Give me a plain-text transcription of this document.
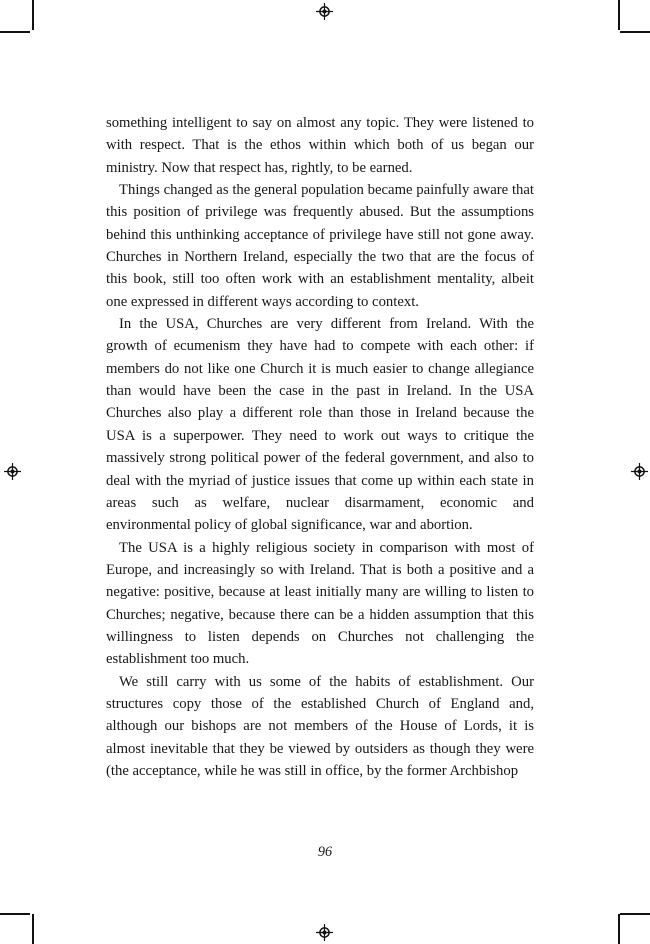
something intelligent to say on almost any topic. They were listened to with respect. That is the ethos within which both of us began our ministry. Now that respect has, rightly, to be earned.

Things changed as the general population became painfully aware that this position of privilege was frequently abused. But the assumptions behind this unthinking acceptance of privilege have still not gone away. Churches in Northern Ireland, especially the two that are the focus of this book, still too often work with an establishment mentality, albeit one expressed in different ways according to context.

In the USA, Churches are very different from Ireland. With the growth of ecumenism they have had to compete with each other: if members do not like one Church it is much easier to change allegiance than would have been the case in the past in Ireland. In the USA Churches also play a different role than those in Ireland because the USA is a superpower. They need to work out ways to critique the massively strong political power of the federal government, and also to deal with the myriad of justice issues that come up within each state in areas such as welfare, nuclear disarmament, economic and environmental policy of global significance, war and abortion.

The USA is a highly religious society in comparison with most of Europe, and increasingly so with Ireland. That is both a positive and a negative: positive, because at least initially many are willing to listen to Churches; negative, because there can be a hidden assumption that this willingness to listen depends on Churches not challenging the establishment too much.

We still carry with us some of the habits of establishment. Our structures copy those of the established Church of England and, although our bishops are not members of the House of Lords, it is almost inevitable that they be viewed by outsiders as though they were (the acceptance, while he was still in office, by the former Archbishop

96
